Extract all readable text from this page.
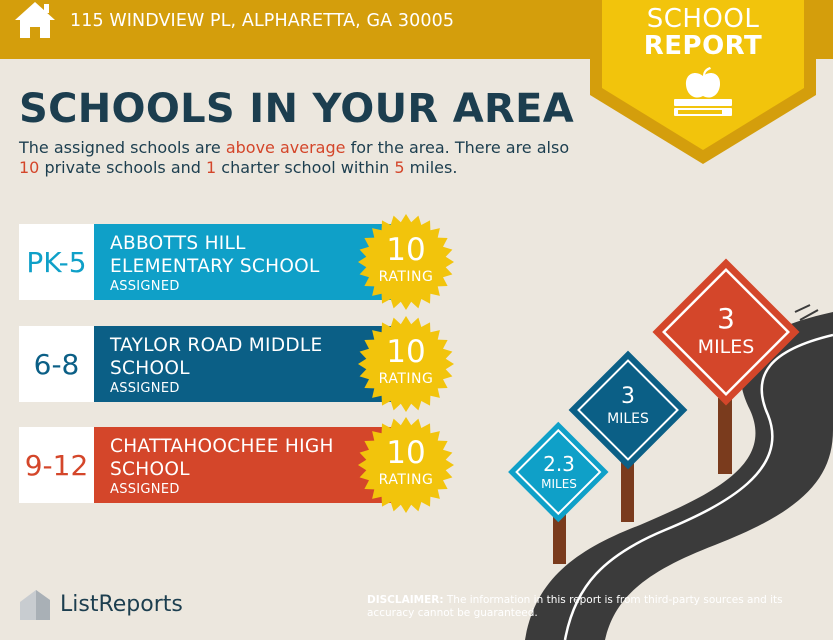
115 WINDVIEW PL, ALPHARETTA, GA 30005	SCHOOL
REPORT
SCHOOLS IN YOUR AREA
The assigned schools are above average for the area. There are also 10 private schools and 1 charter school within 5 miles.
PK-5
ABBOTTS HILL ELEMENTARY SCHOOL
ASSIGNED
6-8
TAYLOR ROAD MIDDLE SCHOOL
ASSIGNED
9-12
CHATTAHOOCHEE HIGH SCHOOL
ASSIGNED
10
RATING
10
RATING
10
RATING
2.3
MILES
3
MILES
3
MILES
ListReports	DISCLAIMER: The information in this report is from third-party sources and its accuracy cannot be guaranteed.
